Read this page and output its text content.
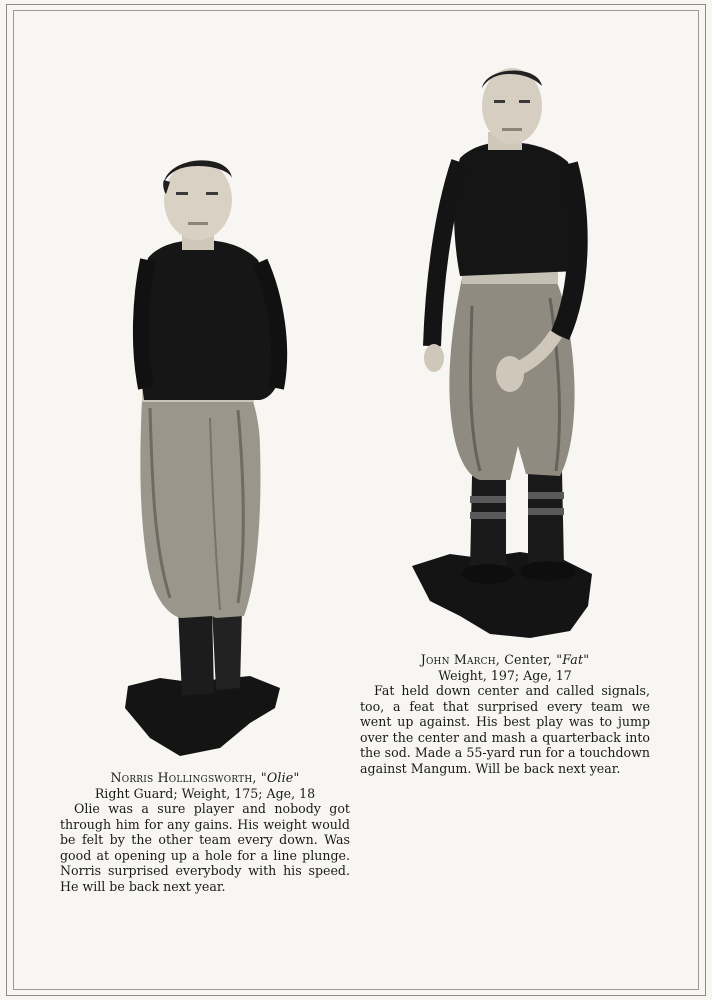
Norris Hollingsworth, "Olie"
Right Guard; Weight, 175; Age, 18
Olie was a sure player and nobody got through him for any gains. His weight would be felt by the other team every down. Was good at opening up a hole for a line plunge. Norris surprised everybody with his speed. He will be back next year.
John March, Center, "Fat"
Weight, 197; Age, 17
Fat held down center and called signals, too, a feat that surprised every team we went up against. His best play was to jump over the center and mash a quarterback into the sod. Made a 55-yard run for a touchdown against Mangum. Will be back next year.
